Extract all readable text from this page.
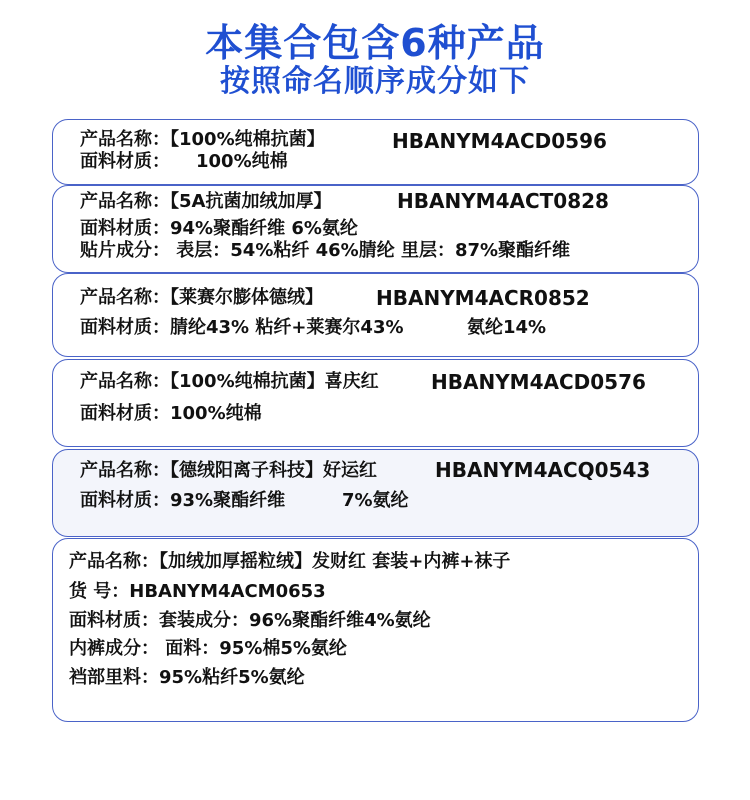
本集合包含6种产品
按照命名顺序成分如下
产品名称：【100%纯棉抗菌】	HBANYM4ACD0596
面料材质： 100%纯棉
产品名称：【5A抗菌加绒加厚】	HBANYM4ACT0828
面料材质：94%聚酯纤维 6%氨纶
贴片成分： 表层：54%粘纤 46%腈纶 里层：87%聚酯纤维
产品名称：【莱赛尔膨体德绒】	HBANYM4ACR0852
面料材质：腈纶43% 粘纤+莱赛尔43%	氨纶14%
产品名称：【100%纯棉抗菌】喜庆红	HBANYM4ACD0576
面料材质：100%纯棉
产品名称：【德绒阳离子科技】好运红	HBANYM4ACQ0543
面料材质：93%聚酯纤维	7%氨纶
产品名称：【加绒加厚摇粒绒】发财红 套装+内裤+袜子
货 号：HBANYM4ACM0653
面料材质：套装成分：96%聚酯纤维4%氨纶
内裤成分： 面料：95%棉5%氨纶
裆部里料：95%粘纤5%氨纶
